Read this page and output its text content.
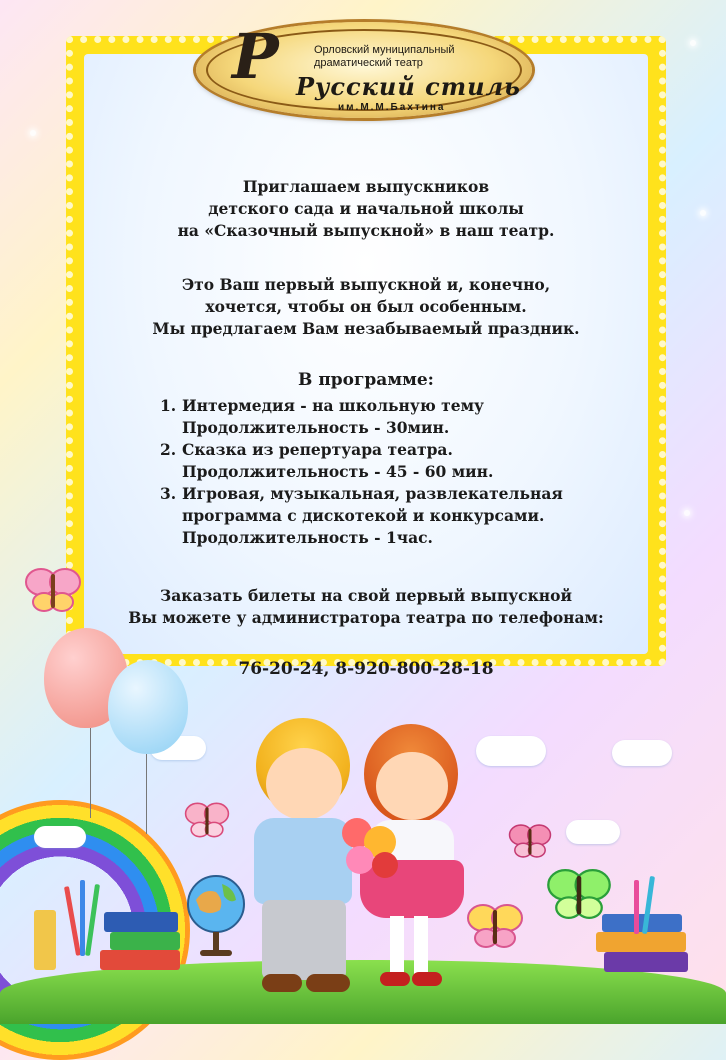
Р	Орловский муниципальный
драматический театр
Русский стиль
им.М.М.Бахтина
Приглашаем выпускников
детского сада и начальной школы
на «Сказочный выпускной» в наш театр.
Это Ваш первый выпускной и, конечно,
хочется, чтобы он был особенным.
Мы предлагаем Вам незабываемый праздник.
В программе:
1. Интермедия - на школьную тему
Продолжительность - 30мин.
2. Сказка из репертуара театра.
Продолжительность - 45 - 60 мин.
3. Игровая, музыкальная, развлекательная
программа с дискотекой и конкурсами.
Продолжительность - 1час.
Заказать билеты на свой первый выпускной
Вы можете у администратора театра по телефонам:
76-20-24, 8-920-800-28-18
